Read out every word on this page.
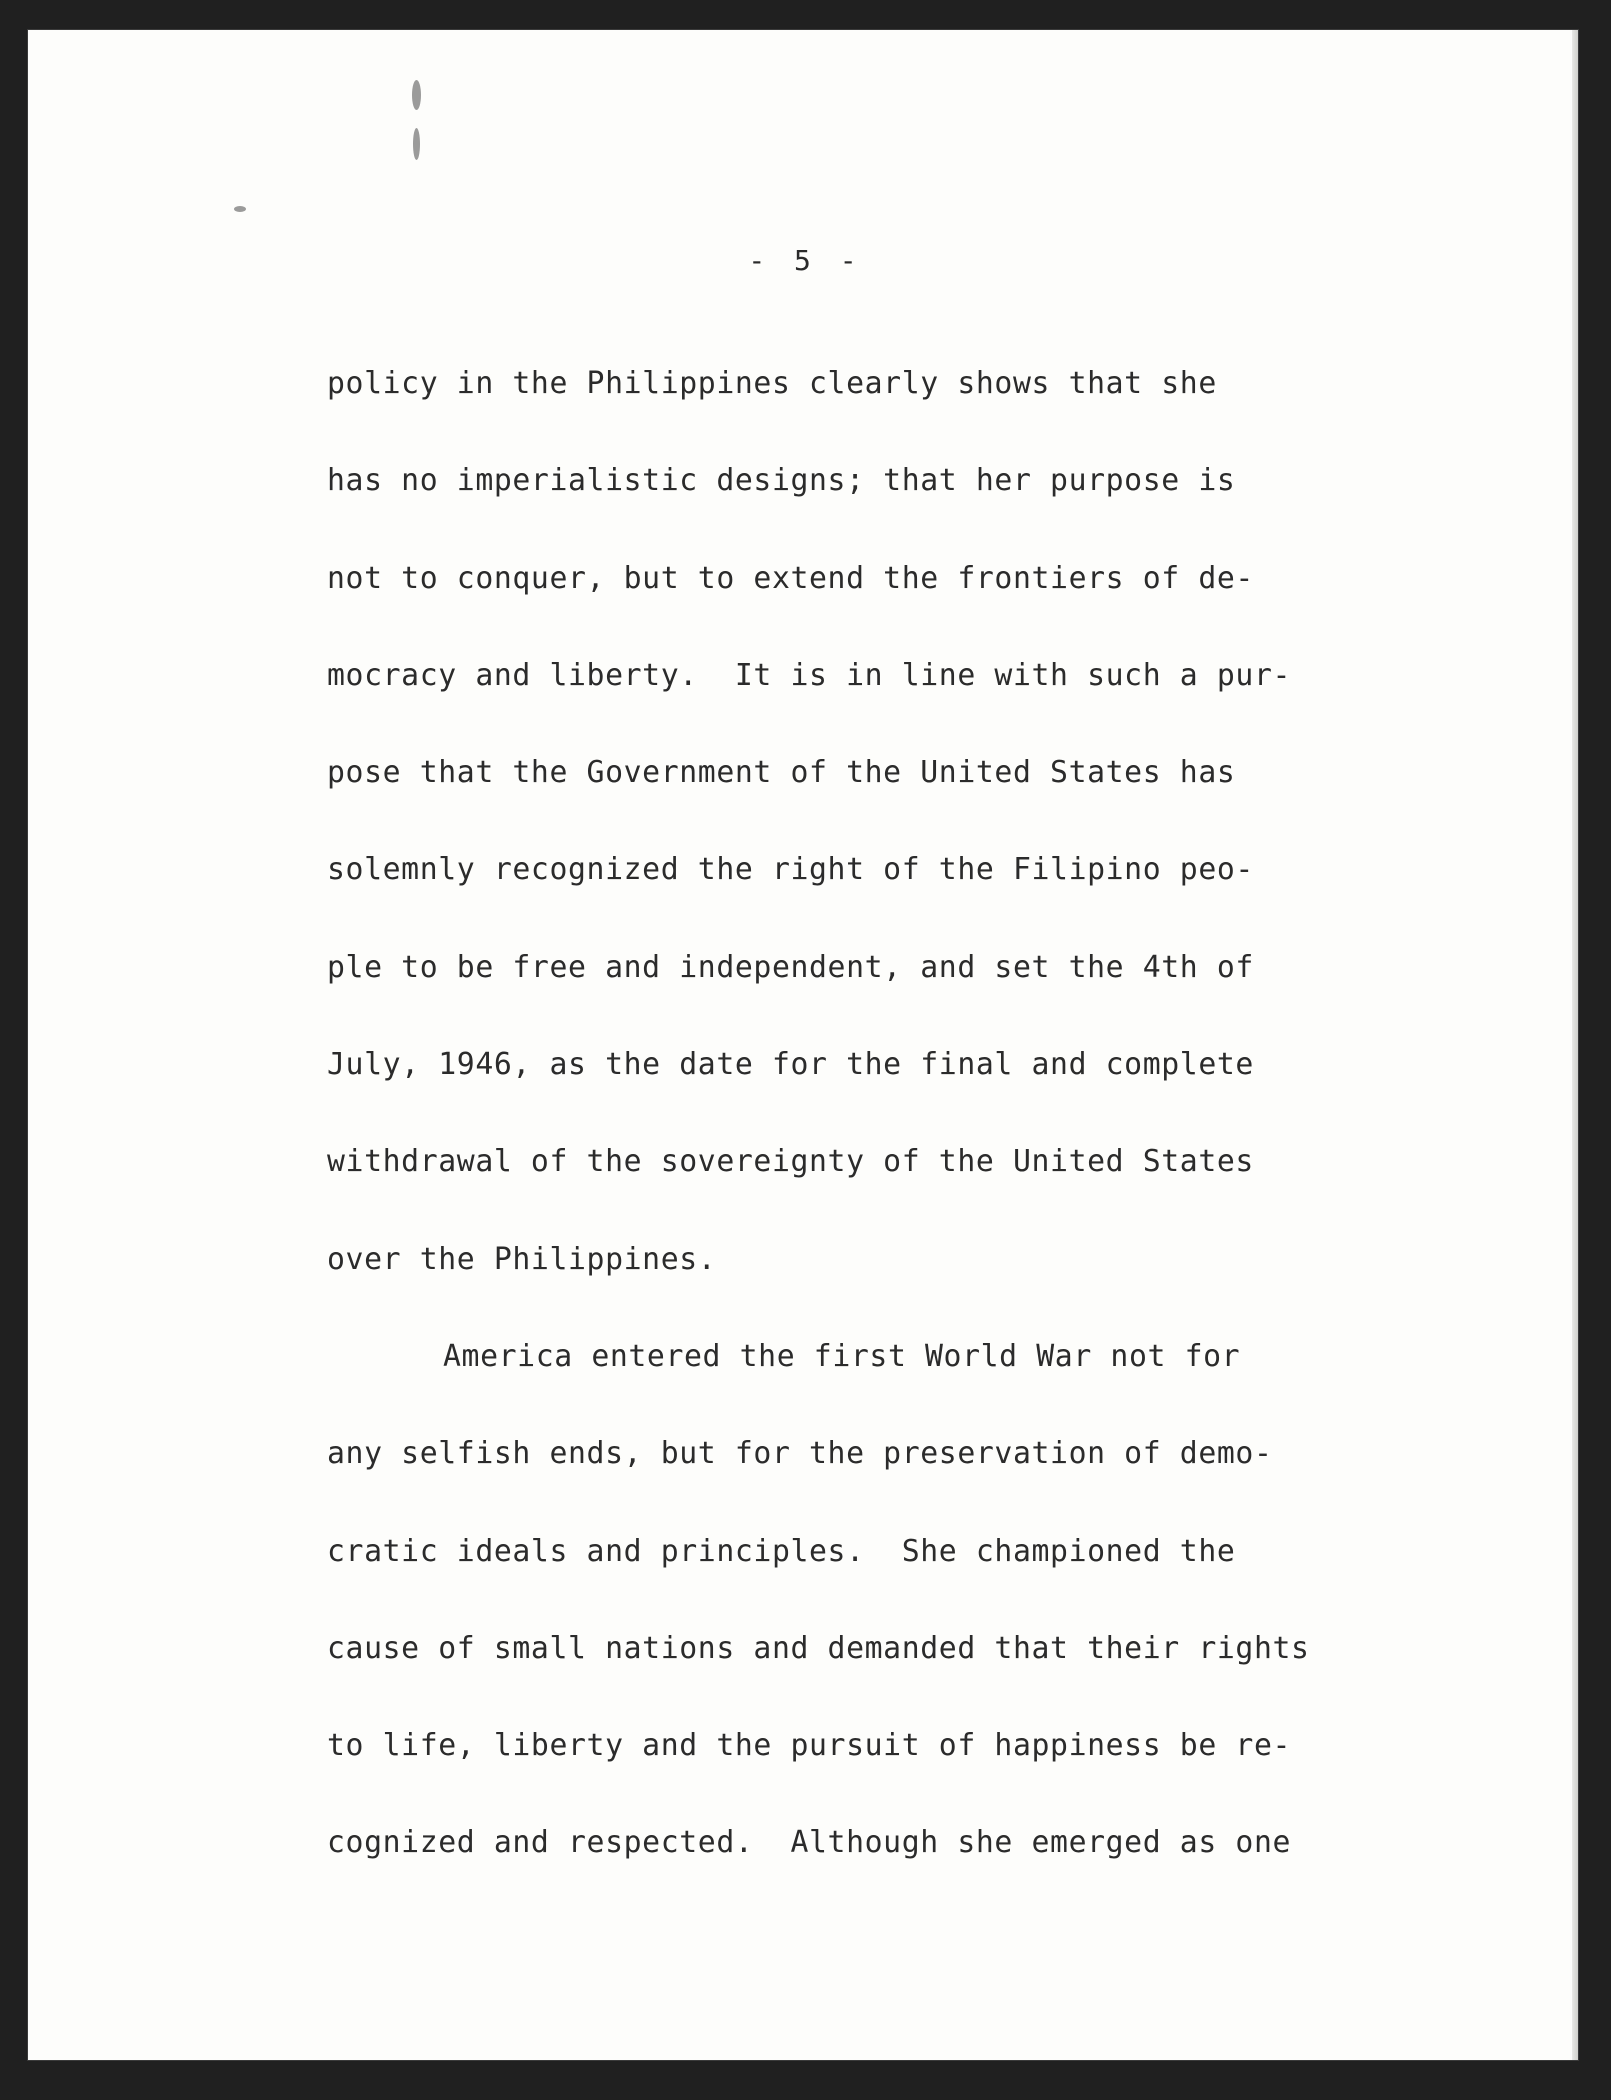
- 5 -
policy in the Philippines clearly shows that she
has no imperialistic designs; that her purpose is
not to conquer, but to extend the frontiers of de-
mocracy and liberty.  It is in line with such a pur-
pose that the Government of the United States has
solemnly recognized the right of the Filipino peo-
ple to be free and independent, and set the 4th of
July, 1946, as the date for the final and complete
withdrawal of the sovereignty of the United States
over the Philippines.
America entered the first World War not for
any selfish ends, but for the preservation of demo-
cratic ideals and principles.  She championed the
cause of small nations and demanded that their rights
to life, liberty and the pursuit of happiness be re-
cognized and respected.  Although she emerged as one
